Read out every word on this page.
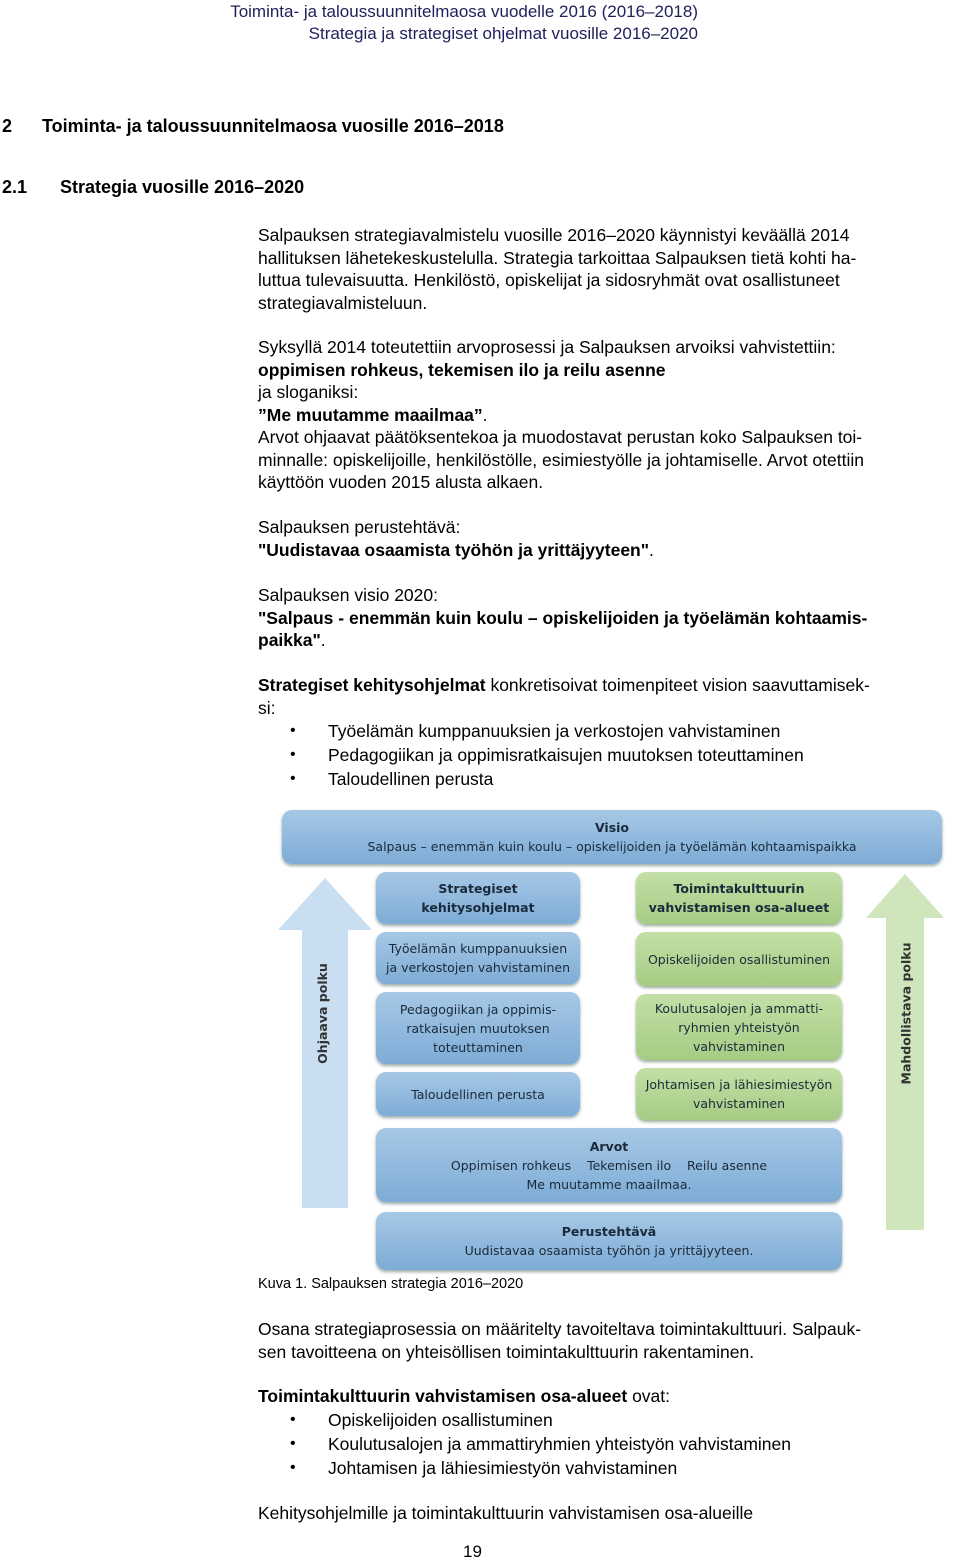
Toiminta- ja taloussuunnitelmaosa vuodelle 2016 (2016–2018)
Strategia ja strategiset ohjelmat vuosille 2016–2020
2 Toiminta- ja taloussuunnitelmaosa vuosille 2016–2018
2.1 Strategia vuosille 2016–2020
Salpauksen strategiavalmistelu vuosille 2016–2020 käynnistyi keväällä 2014
hallituksen lähetekeskustelulla. Strategia tarkoittaa Salpauksen tietä kohti ha-
luttua tulevaisuutta. Henkilöstö, opiskelijat ja sidosryhmät ovat osallistuneet
strategiavalmisteluun.
Syksyllä 2014 toteutettiin arvoprosessi ja Salpauksen arvoiksi vahvistettiin:
oppimisen rohkeus, tekemisen ilo ja reilu asenne
ja sloganiksi:
”Me muutamme maailmaa”.
Arvot ohjaavat päätöksentekoa ja muodostavat perustan koko Salpauksen toi-
minnalle: opiskelijoille, henkilöstölle, esimiestyölle ja johtamiselle. Arvot otettiin
käyttöön vuoden 2015 alusta alkaen.
Salpauksen perustehtävä:
"Uudistavaa osaamista työhön ja yrittäjyyteen".
Salpauksen visio 2020:
"Salpaus - enemmän kuin koulu – opiskelijoiden ja työelämän kohtaamis-
paikka".
Strategiset kehitysohjelmat konkretisoivat toimenpiteet vision saavuttamisek-
si:
• Työelämän kumppanuuksien ja verkostojen vahvistaminen
• Pedagogiikan ja oppimisratkaisujen muutoksen toteuttaminen
• Taloudellinen perusta
Ohjaava polku	Mahdollistava polku
Visio
Salpaus – enemmän kuin koulu – opiskelijoiden ja työelämän kohtaamispaikka
Strategiset
kehitysohjelmat
Työelämän kumppanuuksien
ja verkostojen vahvistaminen
Pedagogiikan ja oppimis-
ratkaisujen muutoksen
toteuttaminen
Taloudellinen perusta
Toimintakulttuurin
vahvistamisen osa-alueet
Opiskelijoiden osallistuminen
Koulutusalojen ja ammatti-
ryhmien yhteistyön
vahvistaminen
Johtamisen ja lähiesimiestyön
vahvistaminen
Arvot
Oppimisen rohkeus Tekemisen ilo Reilu asenne
Me muutamme maailmaa.
Perustehtävä
Uudistavaa osaamista työhön ja yrittäjyyteen.
Kuva 1. Salpauksen strategia 2016–2020
Osana strategiaprosessia on määritelty tavoiteltava toimintakulttuuri. Salpauk-
sen tavoitteena on yhteisöllisen toimintakulttuurin rakentaminen.
Toimintakulttuurin vahvistamisen osa-alueet ovat:
• Opiskelijoiden osallistuminen
• Koulutusalojen ja ammattiryhmien yhteistyön vahvistaminen
• Johtamisen ja lähiesimiestyön vahvistaminen
Kehitysohjelmille ja toimintakulttuurin vahvistamisen osa-alueille
19
